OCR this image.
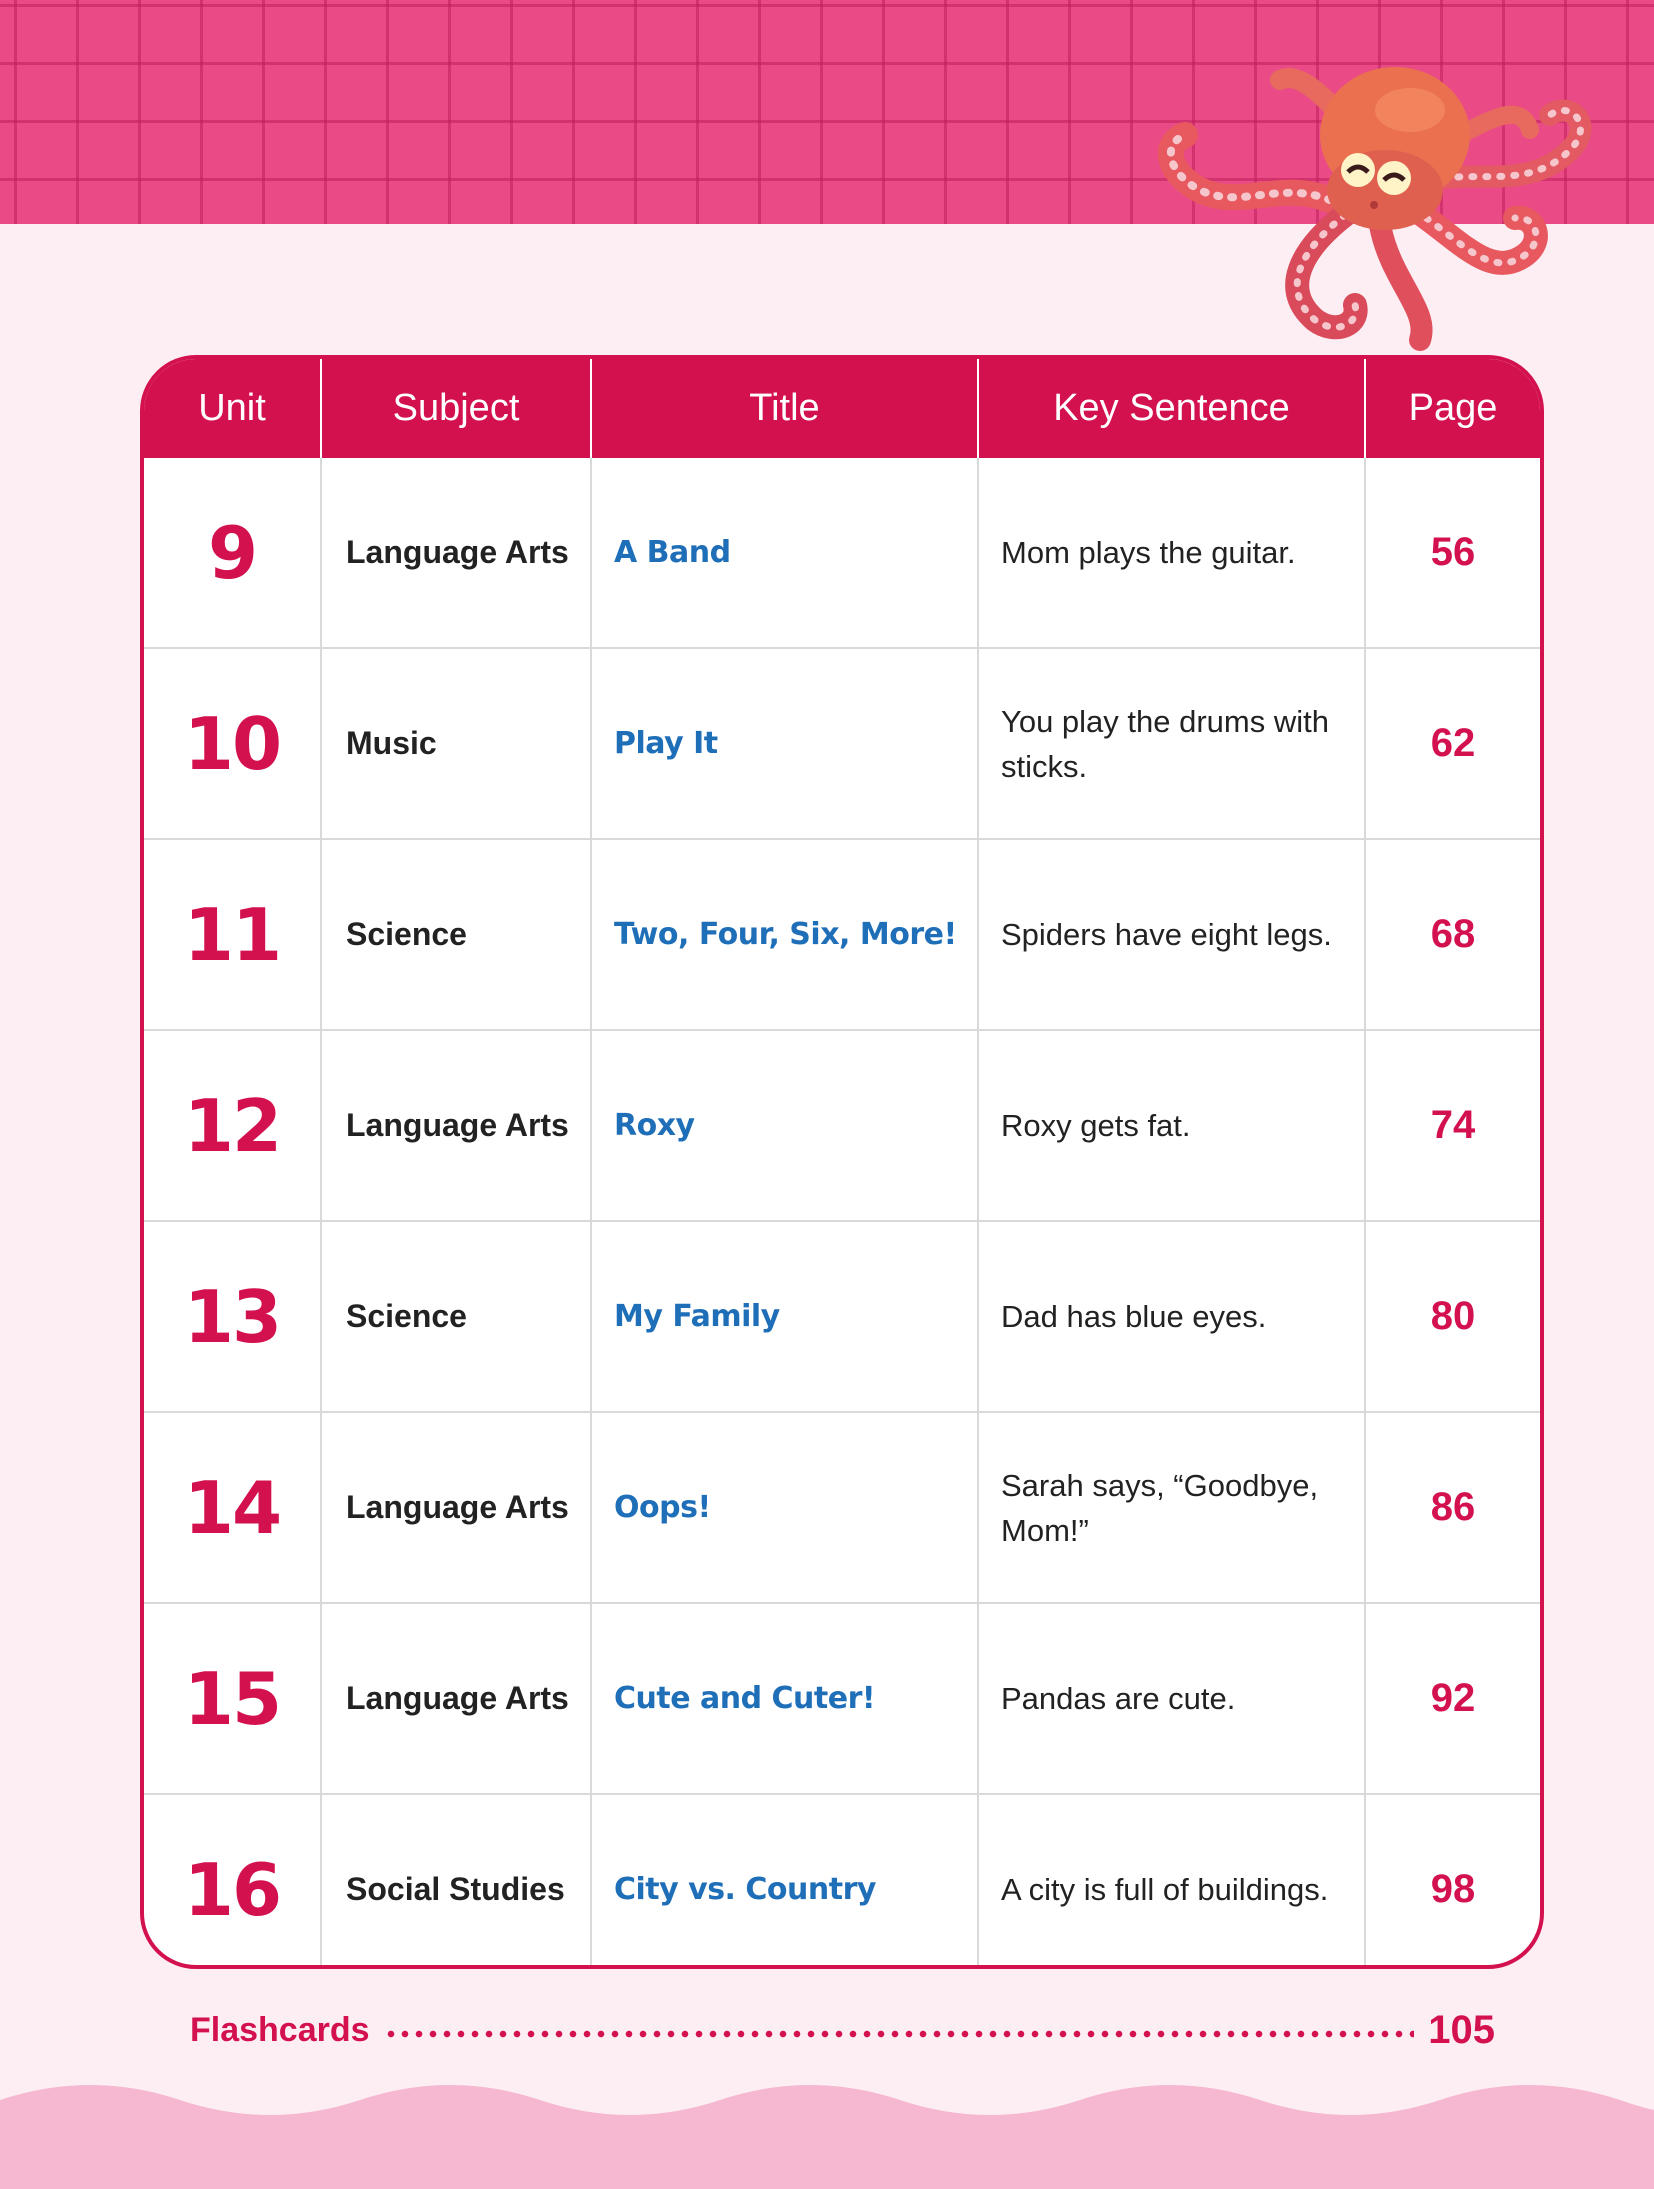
Unit	Subject	Title	Key Sentence	Page

9	Language Arts	A Band	Mom plays the guitar.	56

10	Music	Play It	You play the drums with sticks.	62

11	Science	Two, Four, Six, More!	Spiders have eight legs.	68

12	Language Arts	Roxy	Roxy gets fat.	74

13	Science	My Family	Dad has blue eyes.	80

14	Language Arts	Oops!	Sarah says, “Goodbye, Mom!”	86

15	Language Arts	Cute and Cuter!	Pandas are cute.	92

16	Social Studies	City vs. Country	A city is full of buildings.	98
Flashcards	105
